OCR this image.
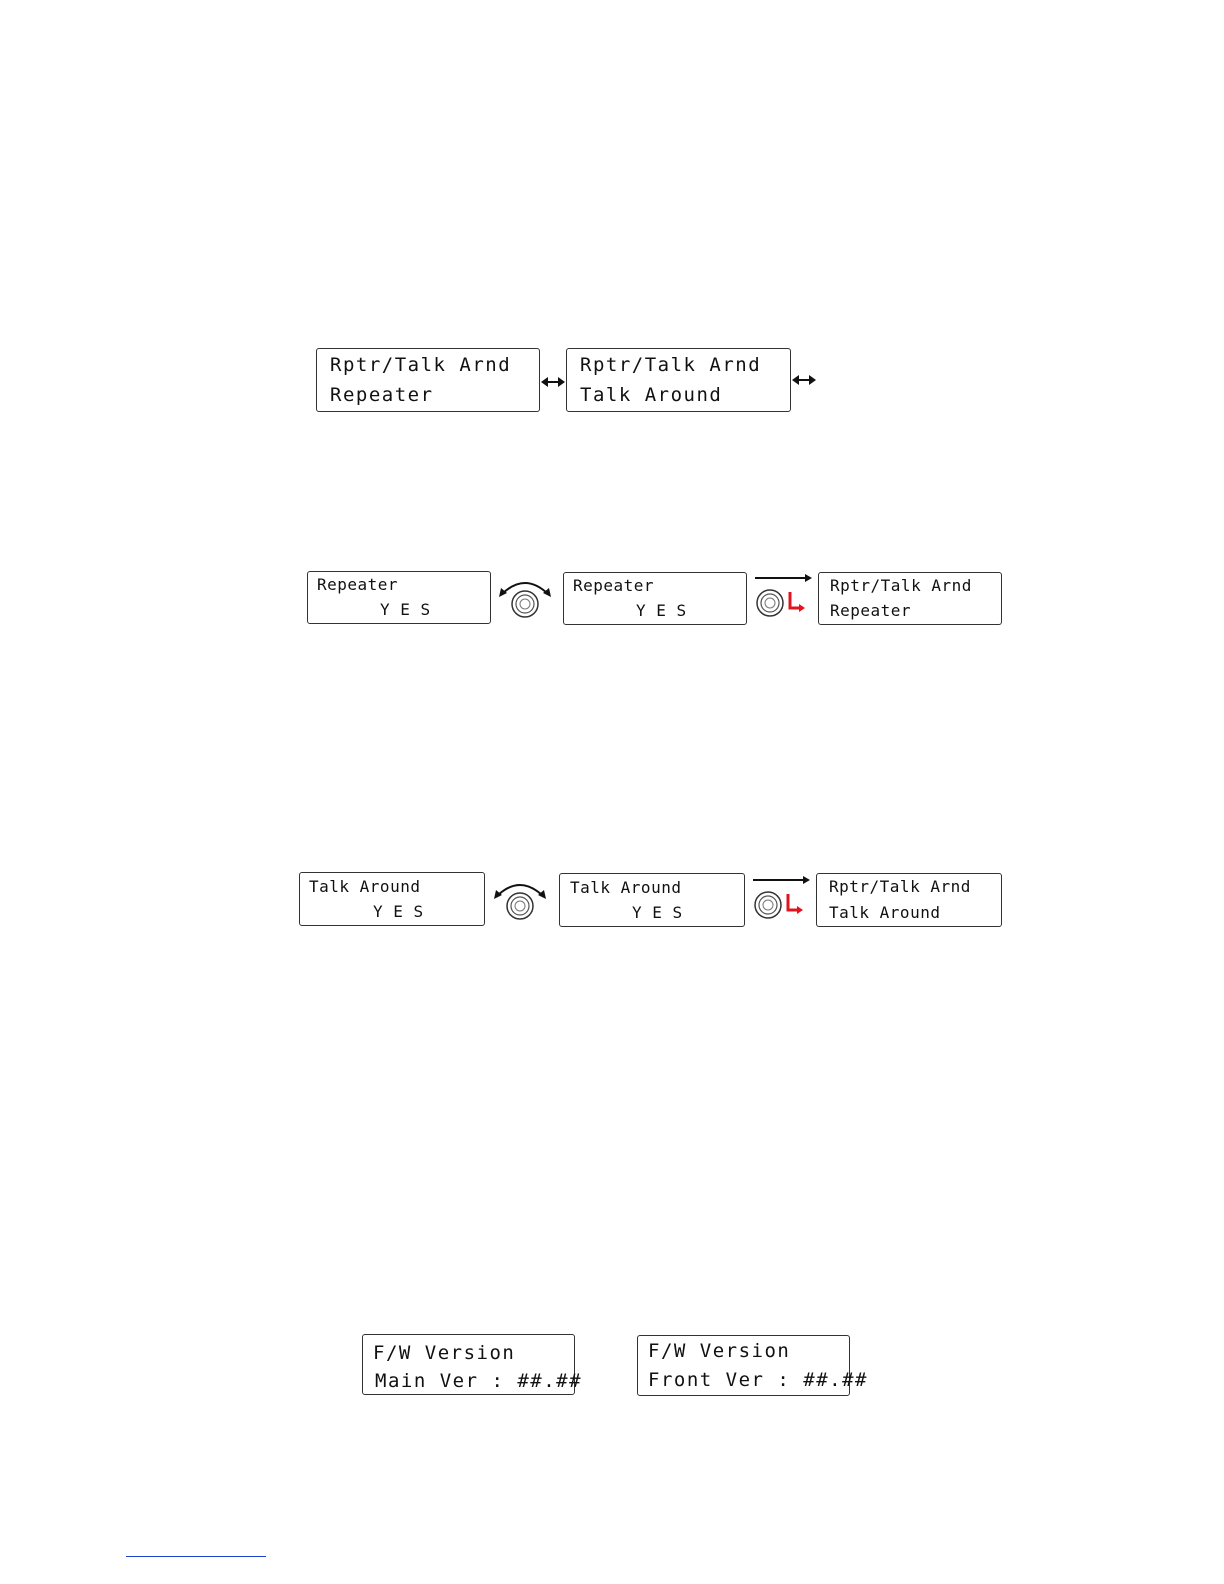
Rptr/Talk Arnd
Repeater
Rptr/Talk Arnd
Talk Around
Repeater
Y E S
Repeater
Y E S
Rptr/Talk Arnd
Repeater
Talk Around
Y E S
Talk Around
Y E S
Rptr/Talk Arnd
Talk Around
F/W Version
Main Ver : ##.##
F/W Version
Front Ver : ##.##
